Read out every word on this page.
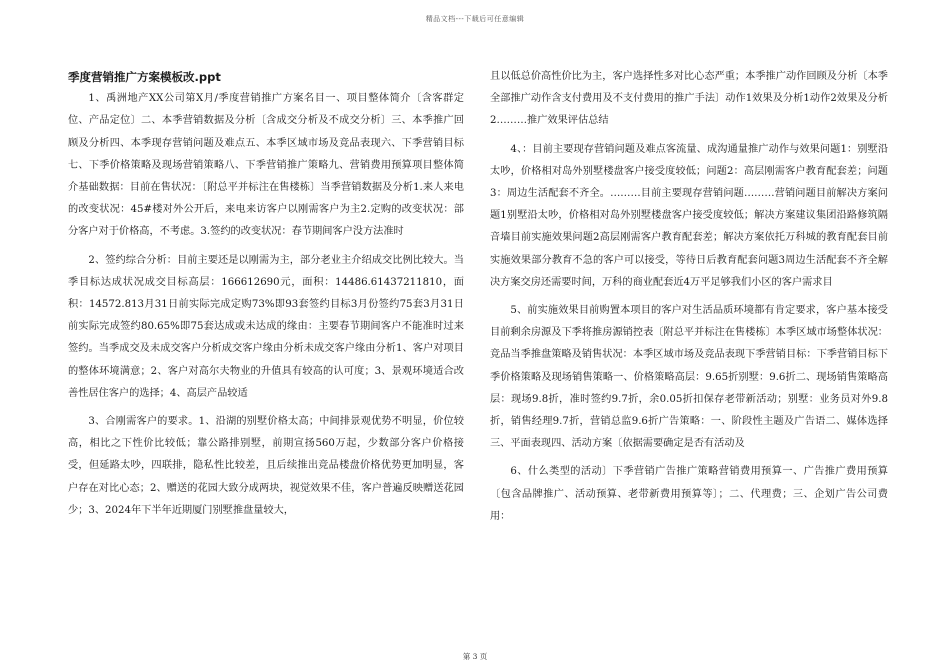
精品文档---下载后可任意编辑
季度营销推广方案模板改.ppt

1、禹洲地产XX公司第X月/季度营销推广方案名目一、项目整体简介〔含客群定位、产品定位〕二、本季营销数据及分析〔含成交分析及不成交分析〕三、本季推广回顾及分析四、本季现存营销问题及难点五、本季区域市场及竞品表现六、下季营销目标七、下季价格策略及现场营销策略八、下季营销推广策略九、营销费用预算项目整体简介基础数据：目前在售状况：〔附总平并标注在售楼栋〕当季营销数据及分析1.来人来电的改变状况：45#楼对外公开后，来电来访客户以刚需客户为主2.定购的改变状况：部分客户对于价格高，不考虑。3.签约的改变状况：春节期间客户没方法准时

2、签约综合分析：目前主要还是以刚需为主，部分老业主介绍成交比例比较大。当季目标达成状况成交目标高层：166612690元，面积：14486.61437211810，面积：14572.813月31日前实际完成定购73%即93套签约目标3月份签约75套3月31日前实际完成签约80.65%即75套达成或未达成的缘由：主要春节期间客户不能准时过来签约。当季成交及未成交客户分析成交客户缘由分析未成交客户缘由分析1、客户对项目的整体环境满意；2、客户对高尔夫物业的升值具有较高的认可度；3、景观环境适合改善性居住客户的选择；4、高层产品较适

3、合刚需客户的要求。1、沿湖的别墅价格太高；中间排景观优势不明显，价位较高，相比之下性价比较低；靠公路排别墅，前期宣扬560万起，少数部分客户价格接受，但延路太吵，四联排，隐私性比较差，且后续推出竞品楼盘价格优势更加明显，客户存在对比心态；2、赠送的花园大致分成两块，视觉效果不佳，客户普遍反映赠送花园少；3、2024年下半年近期厦门别墅推盘量较大，

且以低总价高性价比为主，客户选择性多对比心态严重；本季推广动作回顾及分析〔本季全部推广动作含支付费用及不支付费用的推广手法〕动作1效果及分析1动作2效果及分析2………推广效果评估总结

4、：目前主要现存营销问题及难点客流量、成沟通量推广动作与效果问题1：别墅沿太吵，价格相对岛外别墅楼盘客户接受度较低；问题2：高层刚需客户教育配套差；问题3：周边生活配套不齐全。………目前主要现存营销问题………营销问题目前解决方案问题1别墅沿太吵，价格相对岛外别墅楼盘客户接受度较低；解决方案建议集团沿路修筑隔音墙目前实施效果问题2高层刚需客户教育配套差；解决方案依托万科城的教育配套目前实施效果部分教育不急的客户可以接受，等待日后教育配套问题3周边生活配套不齐全解决方案交房还需要时间，万科的商业配套近4万平足够我们小区的客户需求目

5、前实施效果目前购置本项目的客户对生活品质环境都有肯定要求，客户基本接受目前剩余房源及下季将推房源销控表〔附总平并标注在售楼栋〕本季区域市场整体状况：竞品当季推盘策略及销售状况：本季区域市场及竞品表现下季营销目标：下季营销目标下季价格策略及现场销售策略一、价格策略高层：9.65折别墅：9.6折二、现场销售策略高层：现场9.8折，准时签约9.7折，余0.05折扣保存老带新活动；别墅：业务员对外9.8折，销售经理9.7折，营销总监9.6折广告策略：一、阶段性主题及广告语二、媒体选择三、平面表现四、活动方案〔依据需要确定是否有活动及

6、什么类型的活动〕下季营销广告推广策略营销费用预算一、广告推广费用预算〔包含品牌推广、活动预算、老带新费用预算等〕；二、代理费；三、企划广告公司费用：

第 3 页
